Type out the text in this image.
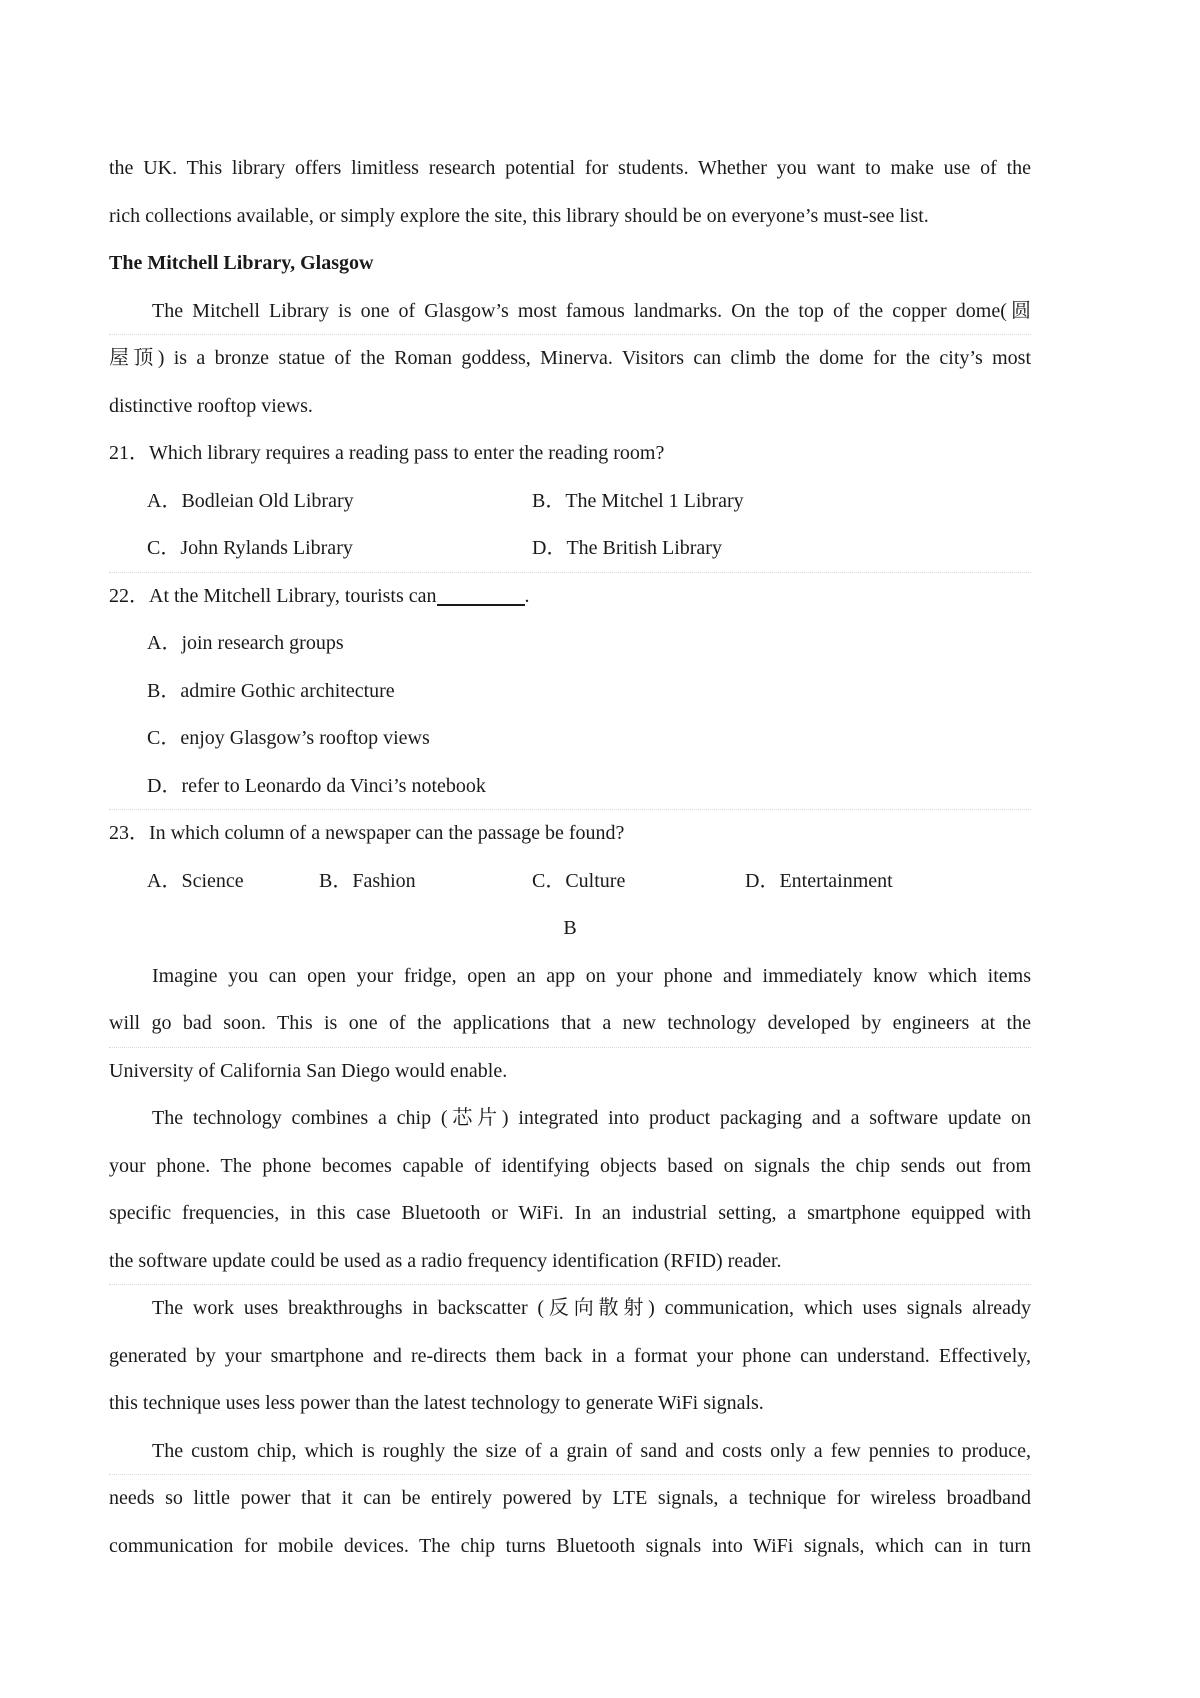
the UK. This library offers limitless research potential for students. Whether you want to make use of the
rich collections available, or simply explore the site, this library should be on everyone’s must-see list.
The Mitchell Library, Glasgow
The Mitchell Library is one of Glasgow’s most famous landmarks. On the top of the copper dome(圆
屋顶) is a bronze statue of the Roman goddess, Minerva. Visitors can climb the dome for the city’s most
distinctive rooftop views.
21．Which library requires a reading pass to enter the reading room?
A．Bodleian Old Library	B．The Mitchel 1 Library
C．John Rylands Library	D．The British Library
22．At the Mitchell Library, tourists can	.
A．join research groups
B．admire Gothic architecture
C．enjoy Glasgow’s rooftop views
D．refer to Leonardo da Vinci’s notebook
23．In which column of a newspaper can the passage be found?
A．Science	B．Fashion	C．Culture	D．Entertainment
B
Imagine you can open your fridge, open an app on your phone and immediately know which items
will go bad soon. This is one of the applications that a new technology developed by engineers at the
University of California San Diego would enable.
The technology combines a chip (芯片) integrated into product packaging and a software update on
your phone. The phone becomes capable of identifying objects based on signals the chip sends out from
specific frequencies, in this case Bluetooth or WiFi. In an industrial setting, a smartphone equipped with
the software update could be used as a radio frequency identification (RFID) reader.
The work uses breakthroughs in backscatter (反向散射) communication, which uses signals already
generated by your smartphone and re-directs them back in a format your phone can understand. Effectively,
this technique uses less power than the latest technology to generate WiFi signals.
The custom chip, which is roughly the size of a grain of sand and costs only a few pennies to produce,
needs so little power that it can be entirely powered by LTE signals, a technique for wireless broadband
communication for mobile devices. The chip turns Bluetooth signals into WiFi signals, which can in turn
